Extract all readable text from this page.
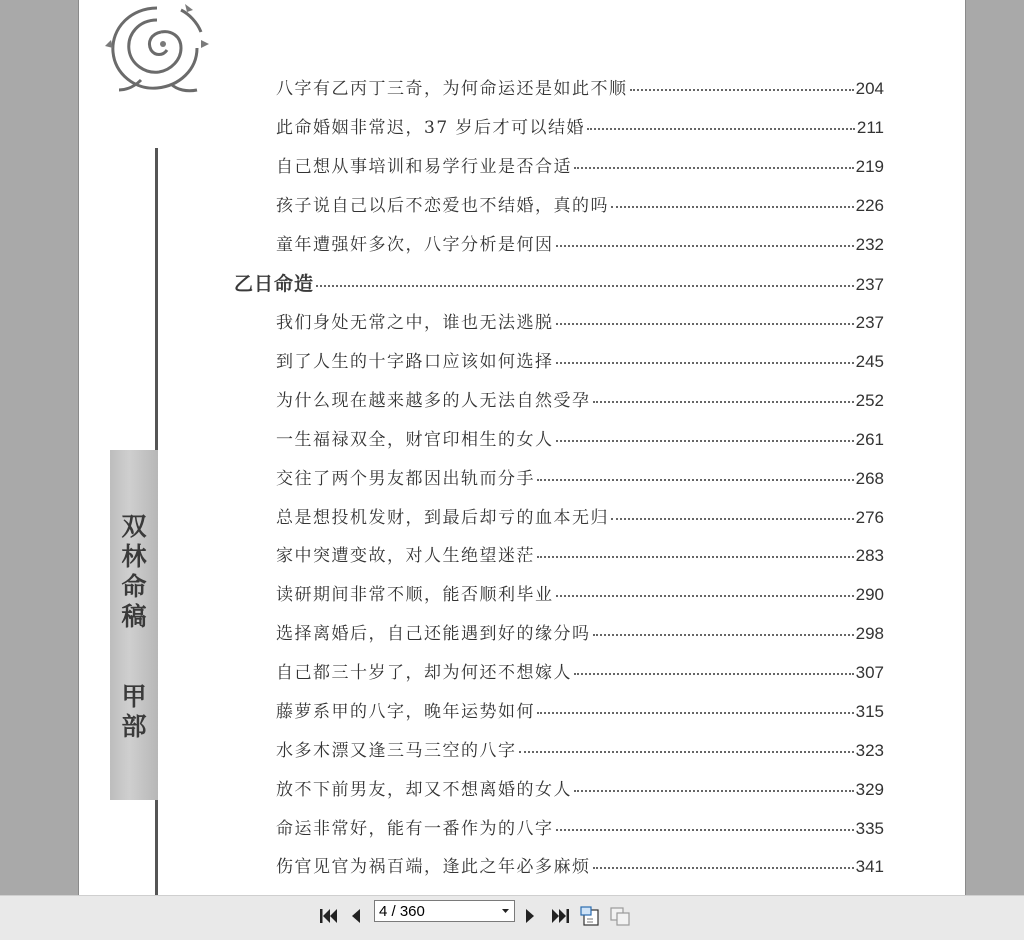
双
林
命
稿
甲
部
八字有乙丙丁三奇，为何命运还是如此不顺	204
此命婚姻非常迟，37 岁后才可以结婚	211
自己想从事培训和易学行业是否合适	219
孩子说自己以后不恋爱也不结婚，真的吗	226
童年遭强奸多次，八字分析是何因	232
乙日命造	237
我们身处无常之中，谁也无法逃脱	237
到了人生的十字路口应该如何选择	245
为什么现在越来越多的人无法自然受孕	252
一生福禄双全，财官印相生的女人	261
交往了两个男友都因出轨而分手	268
总是想投机发财，到最后却亏的血本无归	276
家中突遭变故，对人生绝望迷茫	283
读研期间非常不顺，能否顺利毕业	290
选择离婚后，自己还能遇到好的缘分吗	298
自己都三十岁了，却为何还不想嫁人	307
藤萝系甲的八字，晚年运势如何	315
水多木漂又逢三马三空的八字	323
放不下前男友，却又不想离婚的女人	329
命运非常好，能有一番作为的八字	335
伤官见官为祸百端，逢此之年必多麻烦	341
4 / 360
